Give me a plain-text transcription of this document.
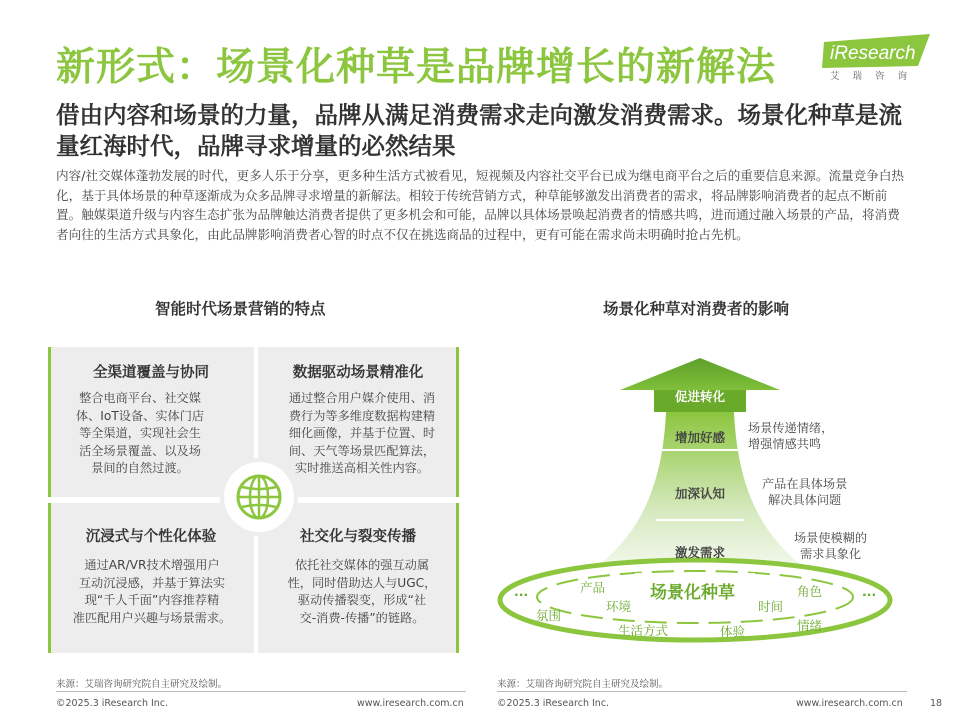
新形式：场景化种草是品牌增长的新解法	iResearch
艾瑞咨询
借由内容和场景的力量，品牌从满足消费需求走向激发消费需求。场景化种草是流量红海时代，品牌寻求增量的必然结果
内容/社交媒体蓬勃发展的时代，更多人乐于分享，更多种生活方式被看见，短视频及内容社交平台已成为继电商平台之后的重要信息来源。流量竞争白热化，基于具体场景的种草逐渐成为众多品牌寻求增量的新解法。相较于传统营销方式，种草能够激发出消费者的需求，将品牌影响消费者的起点不断前置。触媒渠道升级与内容生态扩张为品牌触达消费者提供了更多机会和可能，品牌以具体场景唤起消费者的情感共鸣，进而通过融入场景的产品，将消费者向往的生活方式具象化，由此品牌影响消费者心智的时点不仅在挑选商品的过程中，更有可能在需求尚未明确时抢占先机。
智能时代场景营销的特点
全渠道覆盖与协同
整合电商平台、社交媒
体、IoT设备、实体门店
等全渠道，实现社会生
活全场景覆盖、以及场
景间的自然过渡。
数据驱动场景精准化
通过整合用户媒介使用、消
费行为等多维度数据构建精
细化画像，并基于位置、时
间、天气等场景匹配算法，
实时推送高相关性内容。
沉浸式与个性化体验
通过AR/VR技术增强用户
互动沉浸感，并基于算法实
现“千人千面”内容推荐精
准匹配用户兴趣与场景需求。
社交化与裂变传播
依托社交媒体的强互动属
性，同时借助达人与UGC，
驱动传播裂变，形成“社
交-消费-传播”的链路。
场景化种草对消费者的影响
促进转化
增加好感
加深认知
激发需求
场景传递情绪，
增强情感共鸣
产品在具体场景
解决具体问题
场景使模糊的
需求具象化
场景化种草
产品
环境
角色
时间
氛围
生活方式	体验	情绪
...	...
来源：艾瑞咨询研究院自主研究及绘制。	来源：艾瑞咨询研究院自主研究及绘制。
©2025.3 iResearch Inc.	www.iresearch.com.cn	©2025.3 iResearch Inc.	www.iresearch.com.cn	18
